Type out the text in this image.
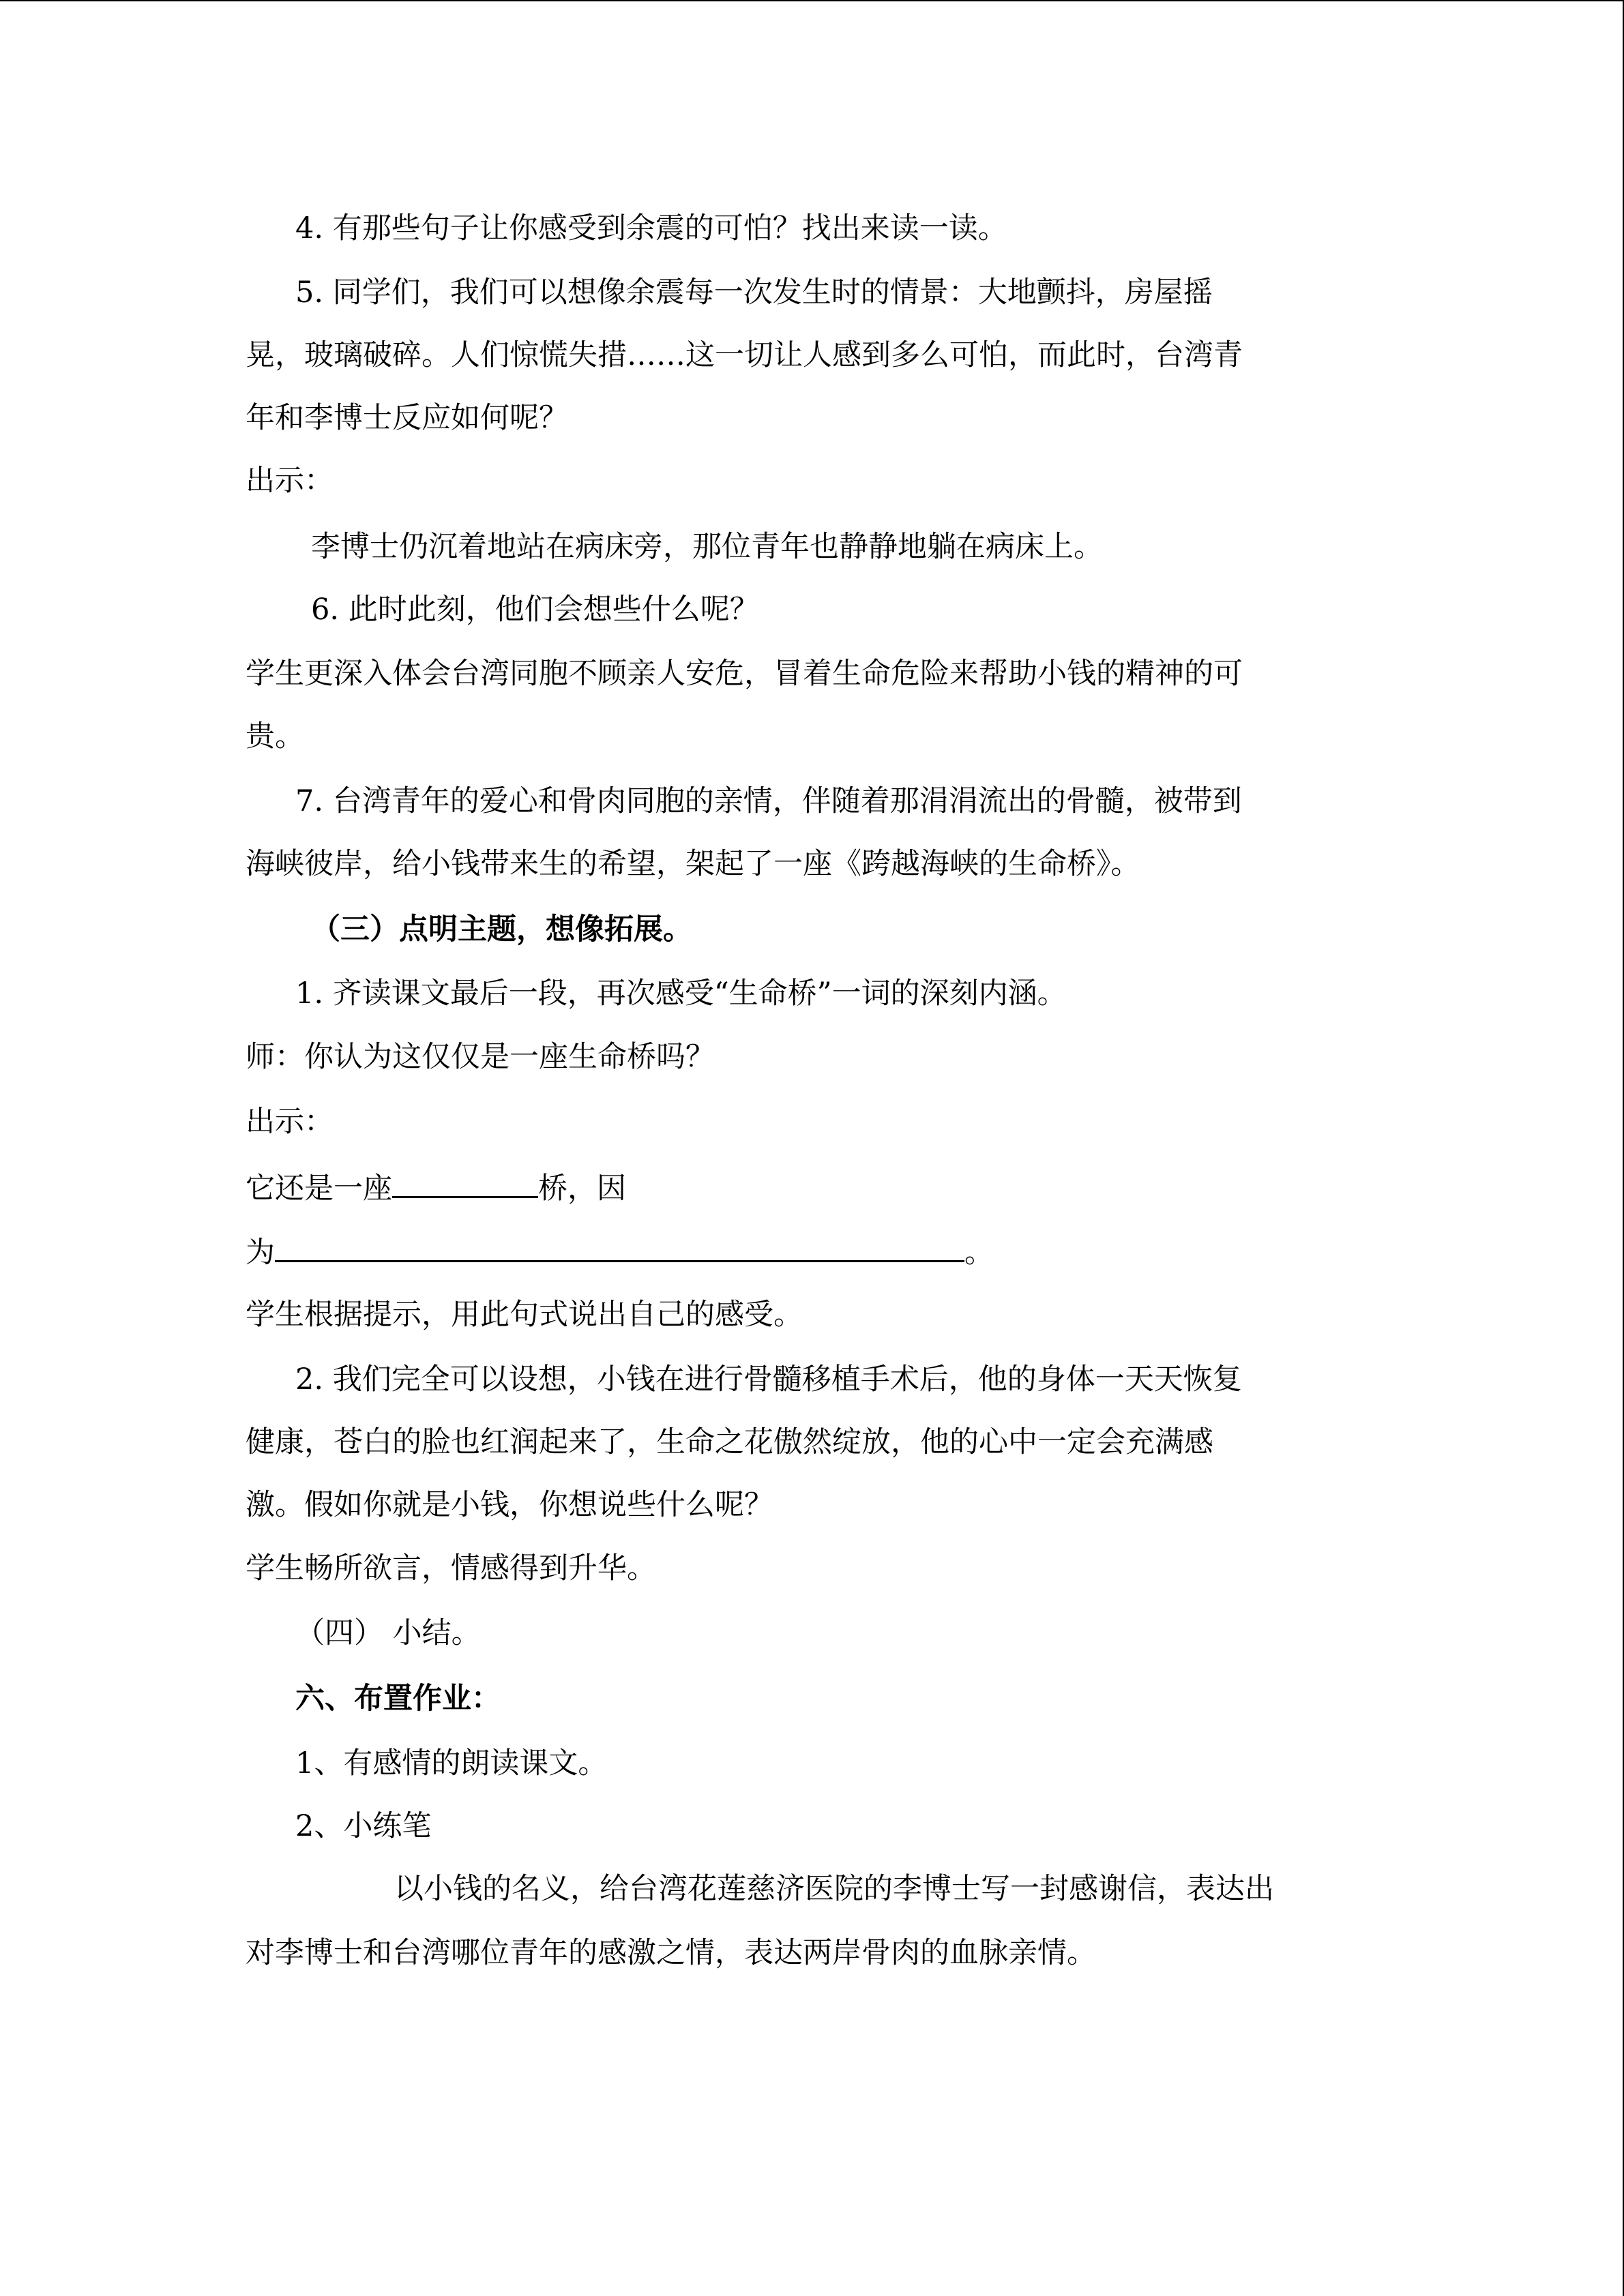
4. 有那些句子让你感受到余震的可怕？找出来读一读。

5. 同学们，我们可以想像余震每一次发生时的情景：大地颤抖，房屋摇

晃，玻璃破碎。人们惊慌失措……这一切让人感到多么可怕，而此时，台湾青

年和李博士反应如何呢？

出示：

李博士仍沉着地站在病床旁，那位青年也静静地躺在病床上。

6. 此时此刻，他们会想些什么呢？

学生更深入体会台湾同胞不顾亲人安危，冒着生命危险来帮助小钱的精神的可

贵。

7. 台湾青年的爱心和骨肉同胞的亲情，伴随着那涓涓流出的骨髓，被带到

海峡彼岸，给小钱带来生的希望，架起了一座《跨越海峡的生命桥》。

（三）点明主题，想像拓展。

1. 齐读课文最后一段，再次感受“生命桥”一词的深刻内涵。

师：你认为这仅仅是一座生命桥吗？

出示：

它还是一座	桥，因

为	。

学生根据提示，用此句式说出自己的感受。

2. 我们完全可以设想，小钱在进行骨髓移植手术后，他的身体一天天恢复

健康，苍白的脸也红润起来了，生命之花傲然绽放，他的心中一定会充满感

激。假如你就是小钱，你想说些什么呢？

学生畅所欲言，情感得到升华。

（四） 小结。

六、布置作业：

1、有感情的朗读课文。

2、小练笔

以小钱的名义，给台湾花莲慈济医院的李博士写一封感谢信，表达出

对李博士和台湾哪位青年的感激之情，表达两岸骨肉的血脉亲情。
